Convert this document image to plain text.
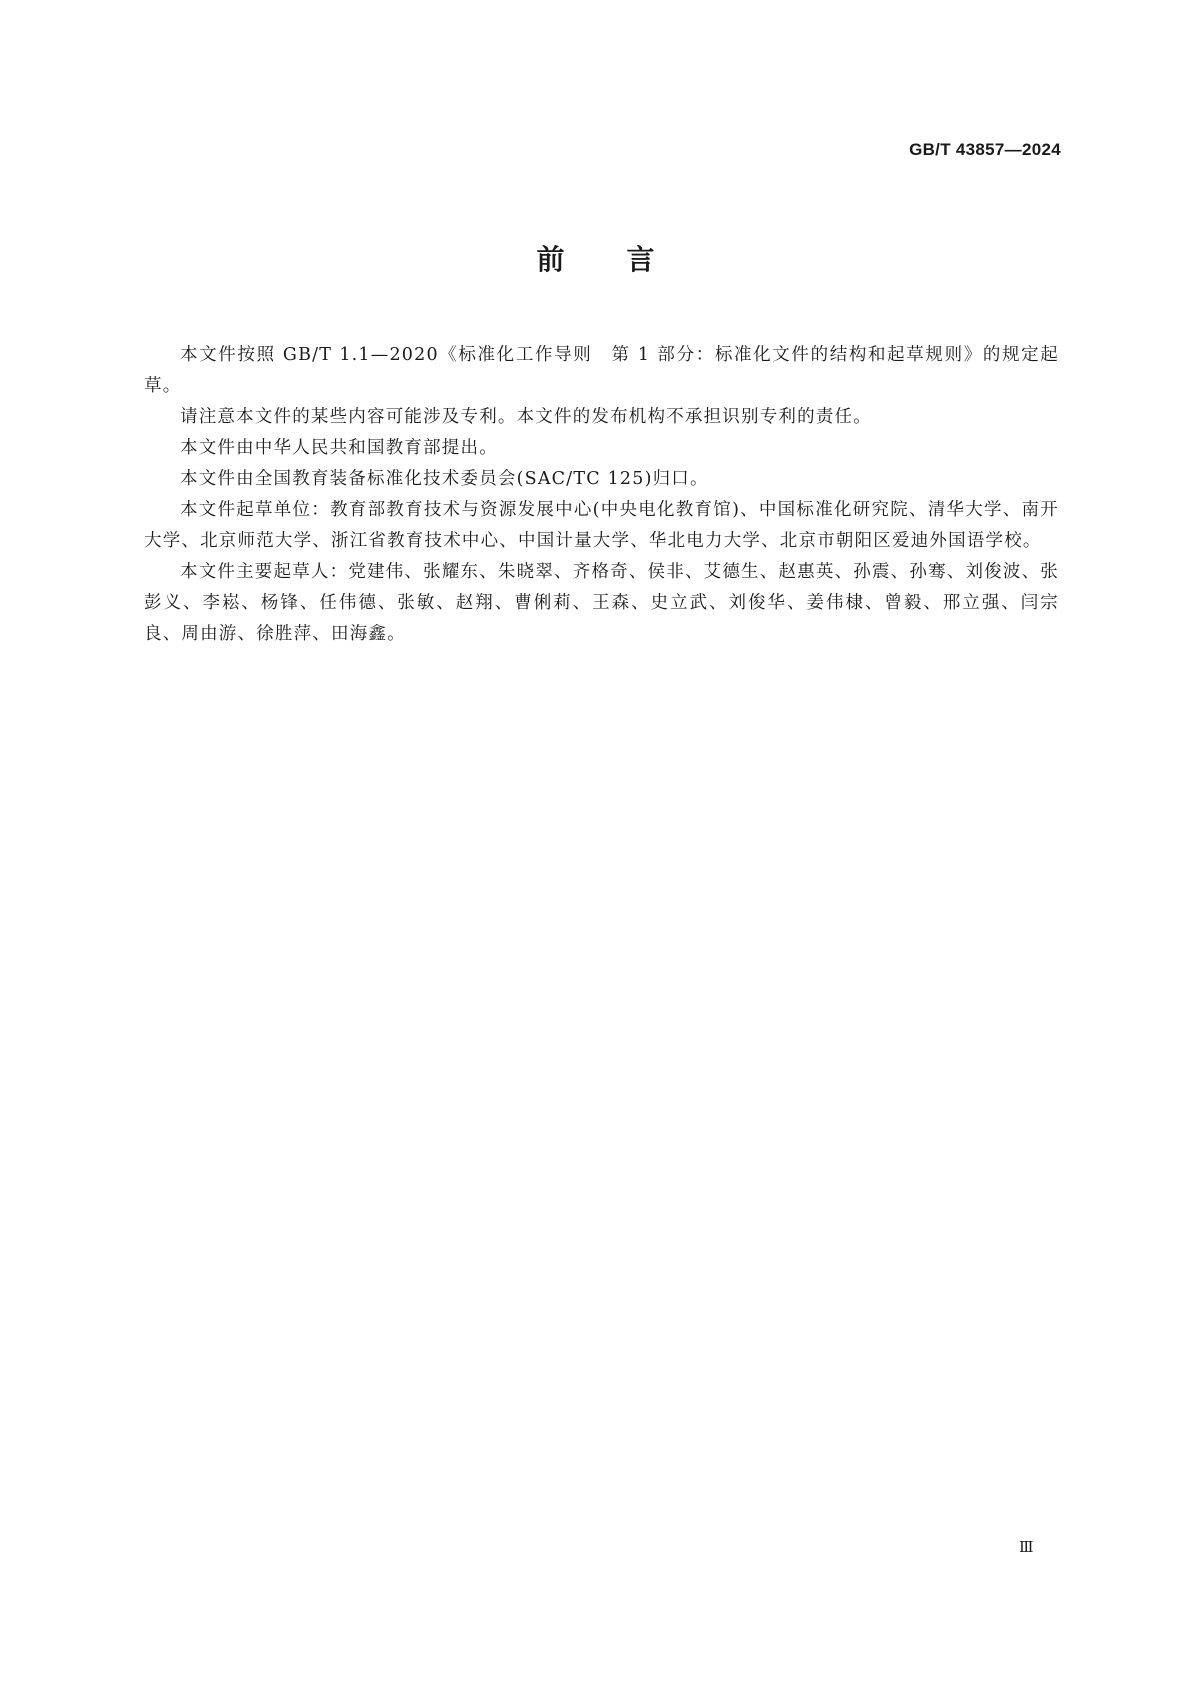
GB/T 43857—2024
前言

本文件按照 GB/T 1.1—2020《标准化工作导则　第 1 部分：标准化文件的结构和起草规则》的规定起草。

请注意本文件的某些内容可能涉及专利。本文件的发布机构不承担识别专利的责任。

本文件由中华人民共和国教育部提出。

本文件由全国教育装备标准化技术委员会(SAC/TC 125)归口。

本文件起草单位：教育部教育技术与资源发展中心(中央电化教育馆)、中国标准化研究院、清华大学、南开大学、北京师范大学、浙江省教育技术中心、中国计量大学、华北电力大学、北京市朝阳区爱迪外国语学校。

本文件主要起草人：党建伟、张耀东、朱晓翠、齐格奇、侯非、艾德生、赵惠英、孙震、孙骞、刘俊波、张彭义、李崧、杨锋、任伟德、张敏、赵翔、曹俐莉、王森、史立武、刘俊华、姜伟棣、曾毅、邢立强、闫宗良、周由游、徐胜萍、田海鑫。

Ⅲ
